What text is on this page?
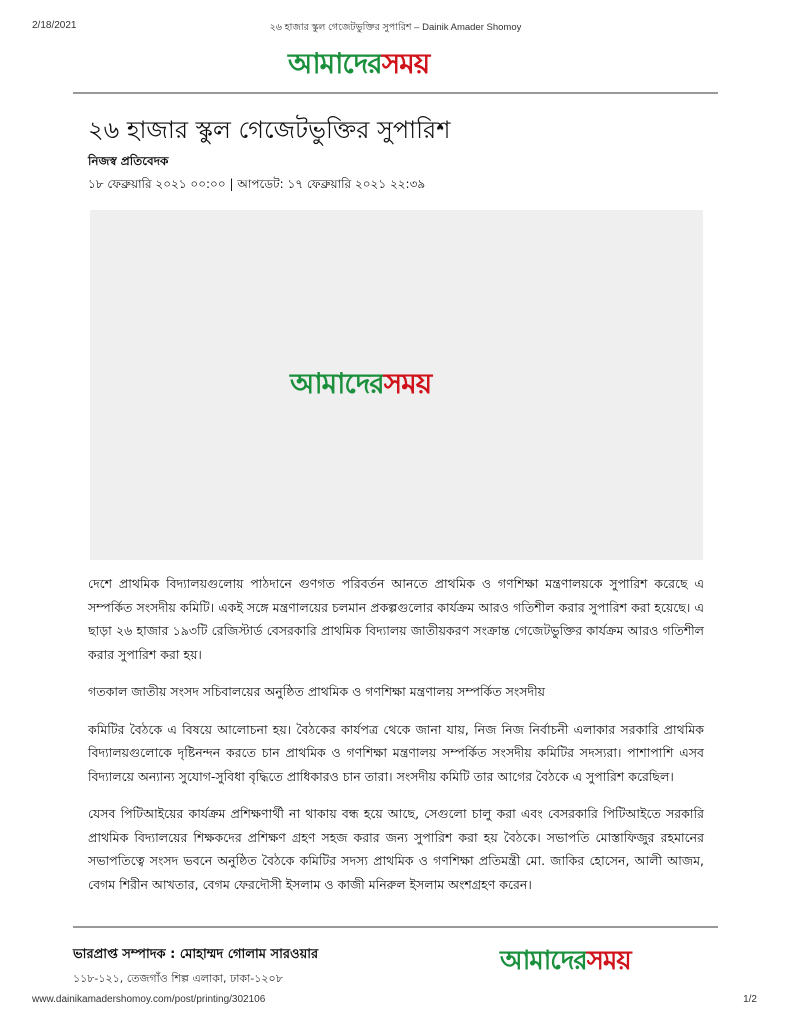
2/18/2021	২৬ হাজার স্কুল গেজেটভুক্তির সুপারিশ – Dainik Amader Shomoy
আমাদেরসময়
২৬ হাজার স্কুল গেজেটভুক্তির সুপারিশ
নিজস্ব প্রতিবেদক
১৮ ফেব্রুয়ারি ২০২১ ০০:০০ | আপডেট: ১৭ ফেব্রুয়ারি ২০২১ ২২:৩৯
আমাদেরসময়

দেশে প্রাথমিক বিদ্যালয়গুলোয় পাঠদানে গুণগত পরিবর্তন আনতে প্রাথমিক ও গণশিক্ষা মন্ত্রণালয়কে সুপারিশ করেছে এ সম্পর্কিত সংসদীয় কমিটি। একই সঙ্গে মন্ত্রণালয়ের চলমান প্রকল্পগুলোর কার্যক্রম আরও গতিশীল করার সুপারিশ করা হয়েছে। এ ছাড়া ২৬ হাজার ১৯৩টি রেজিস্টার্ড বেসরকারি প্রাথমিক বিদ্যালয় জাতীয়করণ সংক্রান্ত গেজেটভুক্তির কার্যক্রম আরও গতিশীল করার সুপারিশ করা হয়।

গতকাল জাতীয় সংসদ সচিবালয়ের অনুষ্ঠিত প্রাথমিক ও গণশিক্ষা মন্ত্রণালয় সম্পর্কিত সংসদীয়

কমিটির বৈঠকে এ বিষয়ে আলোচনা হয়। বৈঠকের কার্যপত্র থেকে জানা যায়, নিজ নিজ নির্বাচনী এলাকার সরকারি প্রাথমিক বিদ্যালয়গুলোকে দৃষ্টিনন্দন করতে চান প্রাথমিক ও গণশিক্ষা মন্ত্রণালয় সম্পর্কিত সংসদীয় কমিটির সদস্যরা। পাশাপাশি এসব বিদ্যালয়ে অন্যান্য সুযোগ-সুবিধা বৃদ্ধিতে প্রাধিকারও চান তারা। সংসদীয় কমিটি তার আগের বৈঠকে এ সুপারিশ করেছিল।

যেসব পিটিআইয়ের কার্যক্রম প্রশিক্ষণার্থী না থাকায় বন্ধ হয়ে আছে, সেগুলো চালু করা এবং বেসরকারি পিটিআইতে সরকারি প্রাথমিক বিদ্যালয়ের শিক্ষকদের প্রশিক্ষণ গ্রহণ সহজ করার জন্য সুপারিশ করা হয় বৈঠকে। সভাপতি মোস্তাফিজুর রহমানের সভাপতিত্বে সংসদ ভবনে অনুষ্ঠিত বৈঠকে কমিটির সদস্য প্রাথমিক ও গণশিক্ষা প্রতিমন্ত্রী মো. জাকির হোসেন, আলী আজম, বেগম শিরীন আখতার, বেগম ফেরদৌসী ইসলাম ও কাজী মনিরুল ইসলাম অংশগ্রহণ করেন।

ভারপ্রাপ্ত সম্পাদক : মোহাম্মদ গোলাম সারওয়ার
১১৮-১২১, তেজগাঁও শিল্প এলাকা, ঢাকা-১২০৮
আমাদেরসময়
www.dainikamadershomoy.com/post/printing/302106	1/2
